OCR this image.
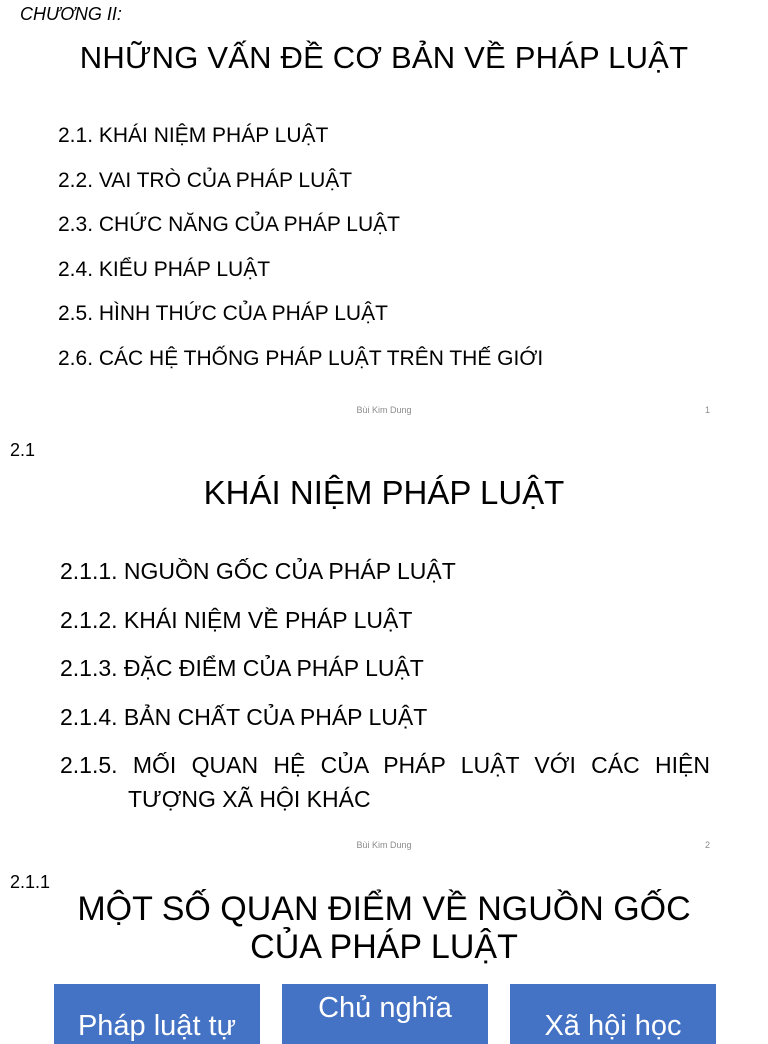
CHƯƠNG II:
NHỮNG VẤN ĐỀ CƠ BẢN VỀ PHÁP LUẬT
2.1. KHÁI NIỆM PHÁP LUẬT
2.2. VAI TRÒ CỦA PHÁP LUẬT
2.3. CHỨC NĂNG CỦA PHÁP LUẬT
2.4. KIỂU PHÁP LUẬT
2.5. HÌNH THỨC CỦA PHÁP LUẬT
2.6. CÁC HỆ THỐNG PHÁP LUẬT TRÊN THẾ GIỚI
Bùi Kim Dung	1
2.1
KHÁI NIỆM PHÁP LUẬT
2.1.1. NGUỒN GỐC CỦA PHÁP LUẬT
2.1.2. KHÁI NIỆM VỀ PHÁP LUẬT
2.1.3. ĐẶC ĐIỂM CỦA PHÁP LUẬT
2.1.4. BẢN CHẤT CỦA PHÁP LUẬT
2.1.5. MỐI QUAN HỆ CỦA PHÁP LUẬT VỚI CÁC HIỆN
TƯỢNG XÃ HỘI KHÁC
Bùi Kim Dung	2
2.1.1
MỘT SỐ QUAN ĐIỂM VỀ NGUỒN GỐC
CỦA PHÁP LUẬT
Pháp luật tự
Chủ nghĩa
Xã hội học
